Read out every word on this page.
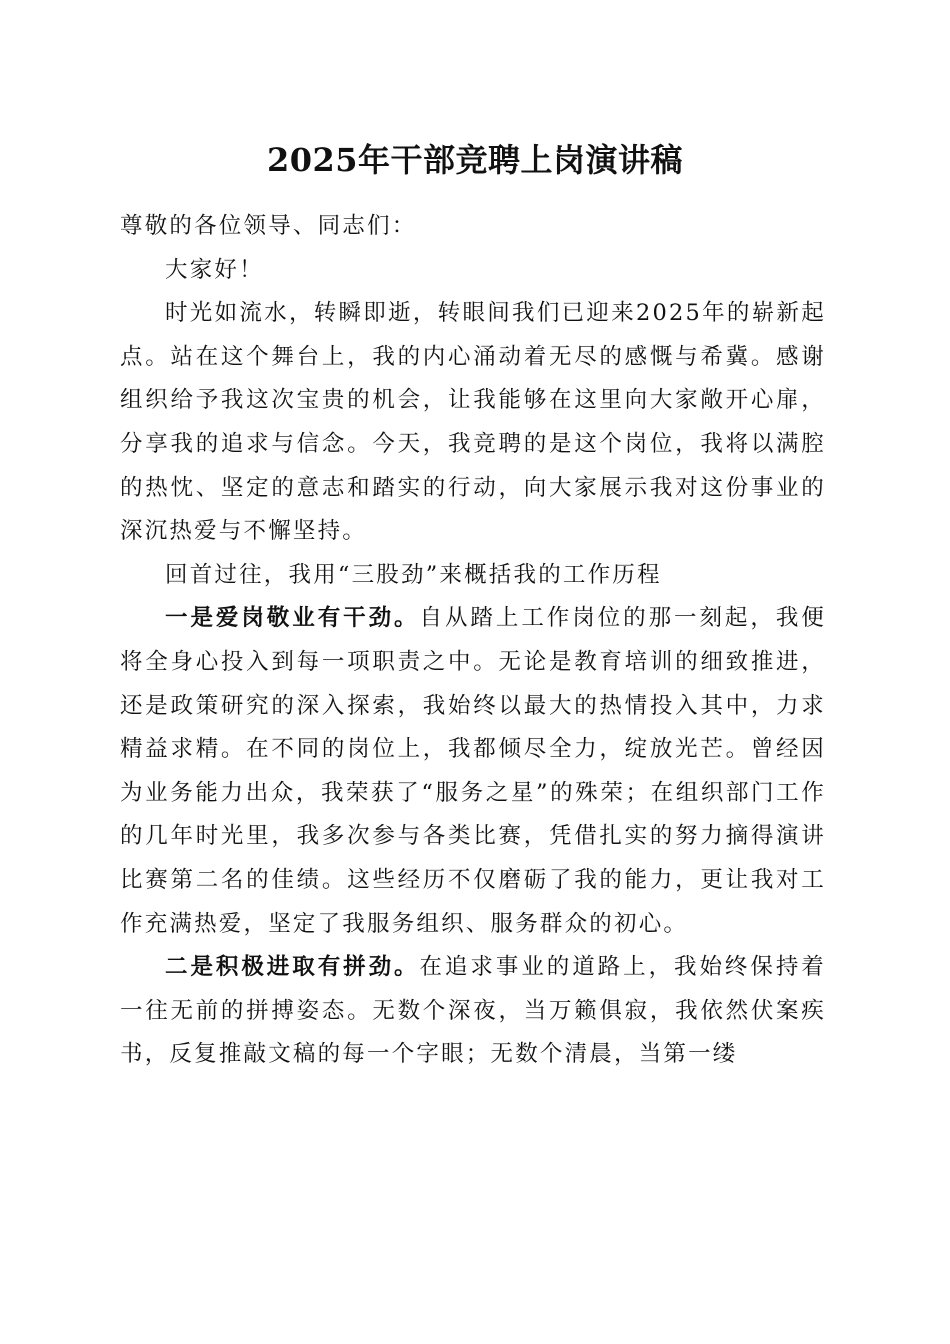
2025年干部竞聘上岗演讲稿

尊敬的各位领导、同志们：

大家好！

时光如流水，转瞬即逝，转眼间我们已迎来2025年的崭新起点。站在这个舞台上，我的内心涌动着无尽的感慨与希冀。感谢组织给予我这次宝贵的机会，让我能够在这里向大家敞开心扉，分享我的追求与信念。今天，我竞聘的是这个岗位，我将以满腔的热忱、坚定的意志和踏实的行动，向大家展示我对这份事业的深沉热爱与不懈坚持。

回首过往，我用“三股劲”来概括我的工作历程

一是爱岗敬业有干劲。自从踏上工作岗位的那一刻起，我便将全身心投入到每一项职责之中。无论是教育培训的细致推进，还是政策研究的深入探索，我始终以最大的热情投入其中，力求精益求精。在不同的岗位上，我都倾尽全力，绽放光芒。曾经因为业务能力出众，我荣获了“服务之星”的殊荣；在组织部门工作的几年时光里，我多次参与各类比赛，凭借扎实的努力摘得演讲比赛第二名的佳绩。这些经历不仅磨砺了我的能力，更让我对工作充满热爱，坚定了我服务组织、服务群众的初心。

二是积极进取有拼劲。在追求事业的道路上，我始终保持着一往无前的拼搏姿态。无数个深夜，当万籁俱寂，我依然伏案疾书，反复推敲文稿的每一个字眼；无数个清晨，当第一缕
